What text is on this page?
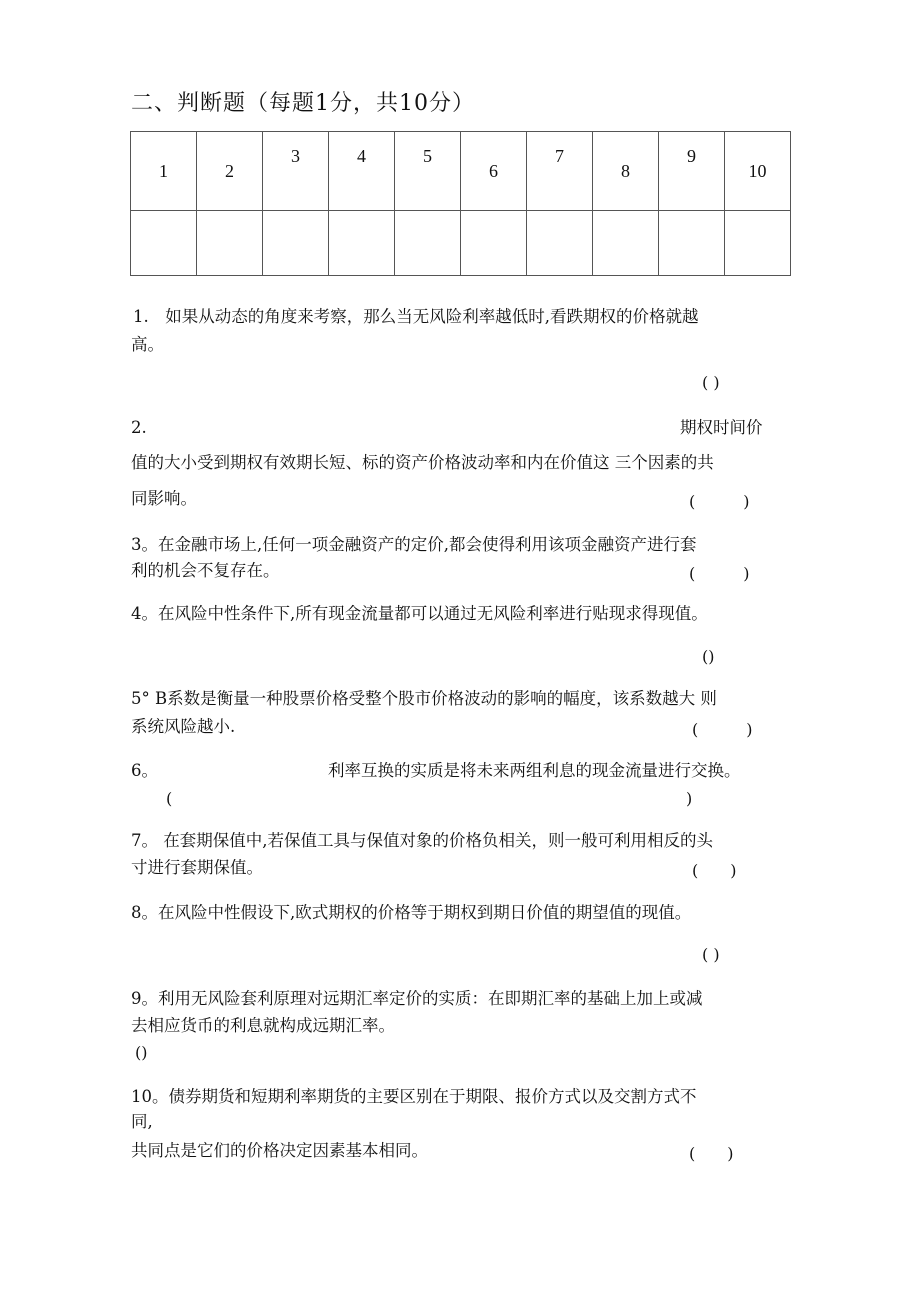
二、判断题（每题1分，共10分）
1	2	3	4	5	6	7	8	9	10

1.　如果从动态的角度来考察，那么当无风险利率越低时,看跌期权的价格就越
高。
( )
2.	期权时间价
值的大小受到期权有效期长短、标的资产价格波动率和内在价值这 三个因素的共
同影响。	(　　　)
3。在金融市场上,任何一项金融资产的定价,都会使得利用该项金融资产进行套
利的机会不复存在。	(　　　)
4。在风险中性条件下,所有现金流量都可以通过无风险利率进行贴现求得现值。
()
5° B系数是衡量一种股票价格受整个股市价格波动的影响的幅度，该系数越大 则
系统风险越小.	(　　　)
6。	利率互换的实质是将未来两组利息的现金流量进行交换。
(	)
7。 在套期保值中,若保值工具与保值对象的价格负相关，则一般可利用相反的头
寸进行套期保值。	(　　)
8。在风险中性假设下,欧式期权的价格等于期权到期日价值的期望值的现值。
( )
9。利用无风险套利原理对远期汇率定价的实质：在即期汇率的基础上加上或减
去相应货币的利息就构成远期汇率。
()
10。债券期货和短期利率期货的主要区别在于期限、报价方式以及交割方式不
同,
共同点是它们的价格决定因素基本相同。	(　　)
